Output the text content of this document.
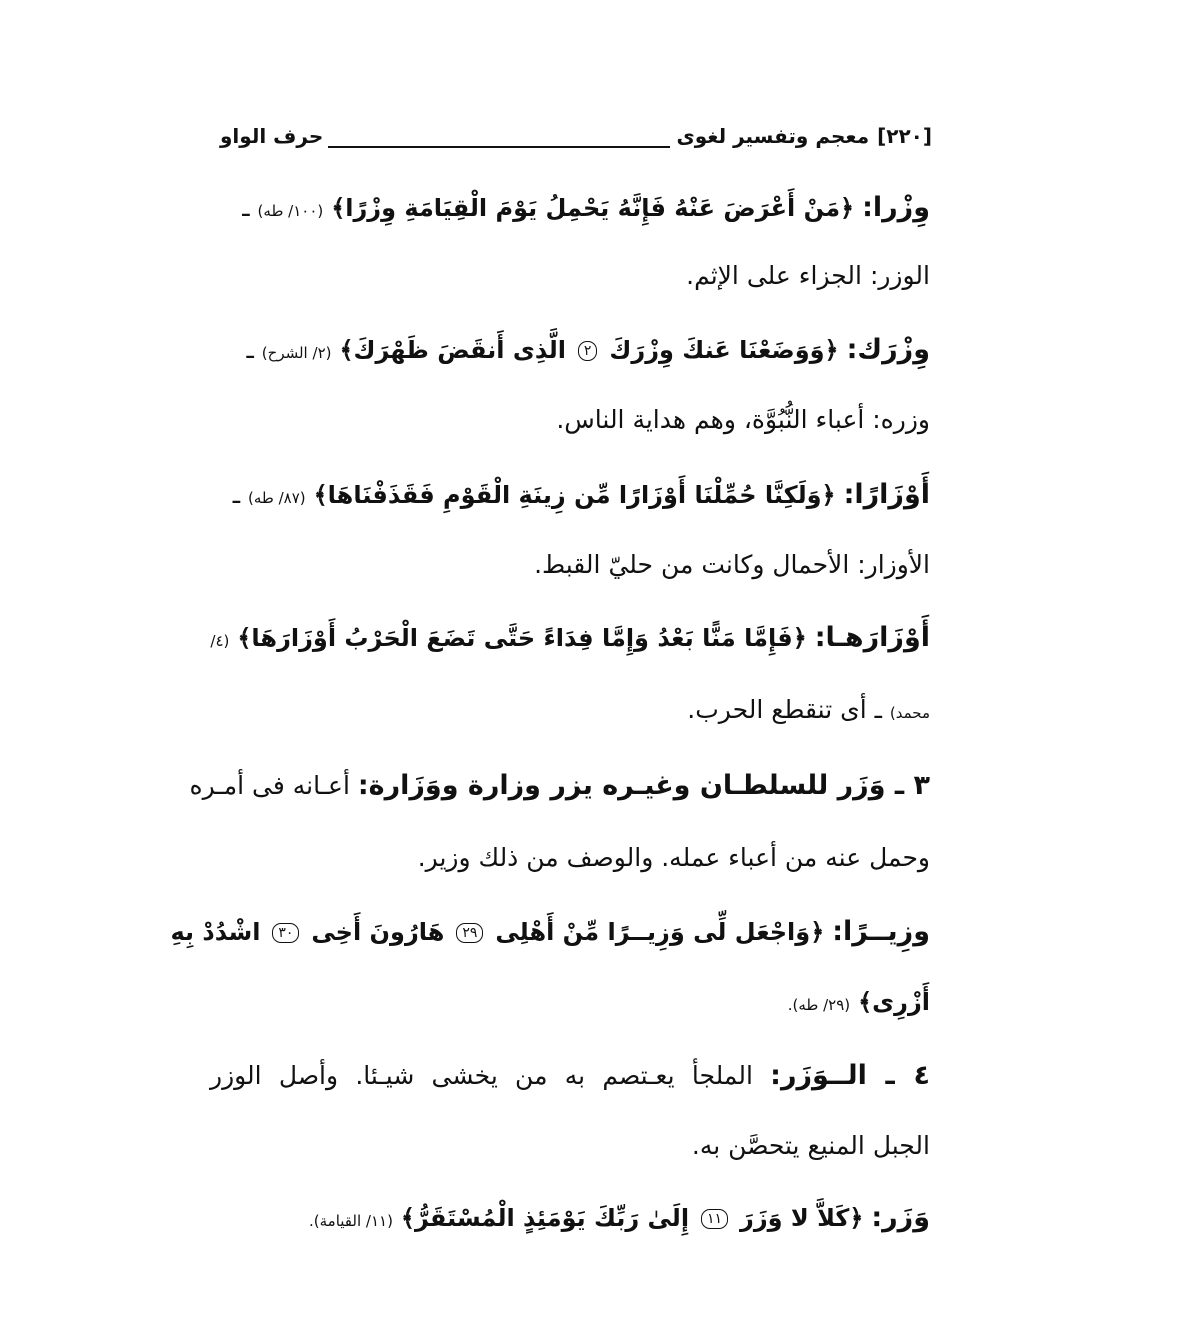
[٢٢٠]
معجم وتفسير لغوى
حرف الواو
وِزْرا: ﴿مَنْ أَعْرَضَ عَنْهُ فَإِنَّهُ يَحْمِلُ يَوْمَ الْقِيَامَةِ وِزْرًا﴾ (١٠٠/ طه) ـ
الوزر: الجزاء على الإثم.
وِزْرَك: ﴿وَوَضَعْنَا عَنكَ وِزْرَكَ ٢ الَّذِى أَنقَضَ ظَهْرَكَ﴾ (٢/ الشرح) ـ
وزره: أعباء النُّبُوَّة، وهم هداية الناس.
أَوْزَارًا: ﴿وَلَكِنَّا حُمِّلْنَا أَوْزَارًا مِّن زِينَةِ الْقَوْمِ فَقَذَفْنَاهَا﴾ (٨٧/ طه) ـ
الأوزار: الأحمال وكانت من حليّ القبط.
أَوْزَارَهـا: ﴿فَإِمَّا مَنًّا بَعْدُ وَإِمَّا فِدَاءً حَتَّى تَضَعَ الْحَرْبُ أَوْزَارَهَا﴾ (٤/
محمد) ـ أى تنقطع الحرب.
٣ ـ وَزَر للسلطـان وغيـره يزر وزارة ووَزَارة: أعـانه فى أمـره
وحمل عنه من أعباء عمله. والوصف من ذلك وزير.
وزِيــرًا: ﴿وَاجْعَل لِّى وَزِيــرًا مِّنْ أَهْلِى ٢٩ هَارُونَ أَخِى ٣٠ اشْدُدْ بِهِ
أَزْرِى﴾ (٢٩/ طه).
٤ ـ الــوَزَر: الملجأ يعـتصم به من يخشى شيـئا. وأصل الوزر
الجبل المنيع يتحصَّن به.
وَزَر: ﴿كَلاَّ لا وَزَرَ ١١ إِلَىٰ رَبِّكَ يَوْمَئِذٍ الْمُسْتَقَرُّ﴾ (١١/ القيامة).
